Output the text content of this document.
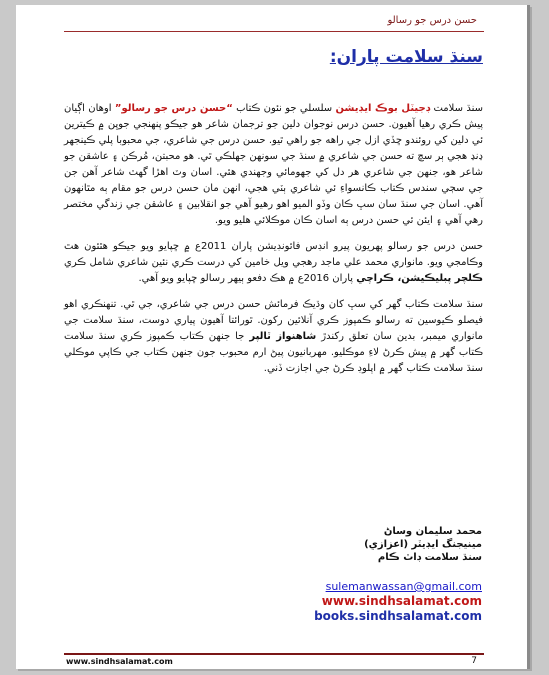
حسن درس جو رسالو
سنڌ سلامت پاران:

سنڌ سلامت ڊجيٽل بوڪ ايڊيشن سلسلي جو نئون ڪتاب “حسن درس جو رسالو” اوهان اڳيان پيش ڪري رهيا آهيون. حسن درس نوجوان دلين جو ترجمان شاعر هو جيڪو پنهنجي جوڀن ۾ ڪيترين ئي دلين کي روئندو ڇڏي ازل جي راهه جو راهي ٿيو. حسن درس جي شاعري، جي محبوبا پلي ڪينجهر ڍنڍ هجي ٻر سچ ته حسن جي شاعري ۾ سنڌ جي سونهن جهلڪي ٿي. هو محبتن، مُرڪن ۽ عاشقن جو شاعر هو، جنهن جي شاعري هر دل کي جهومائي وجهندي هئي. اسان وٽ اهڙا گهٽ شاعر آهن جن جي سڄي سندس ڪتاب ڪانسواءِ ئي شاعري ٻٽي هجي، انهن مان حسن درس جو مقام ٻه مٿانهون آهي. اسان جي سنڌ سان سڀ ڪان وڏو الميو اهو رهيو آهي جو انقلابين ۽ عاشقن جي زندگي مختصر رهي آهي ۽ ايئن ئي حسن درس ٻه اسان ڪان موڪلائي هليو ويو.

حسن درس جو رسالو پهريون پيرو انڊس فائونڊيشن پاران 2011ع ۾ ڇپايو ويو جيڪو هٿئون هٿ وڪامجي ويو. مانواري محمد علي ماجد رهجي ويل خامين کي درست ڪري نئين شاعري شامل ڪري ڪلچر پبليڪيشن، ڪراچي پاران 2016ع ۾ هڪ دفعو ٻيهر رسالو ڇپايو ويو آهي.

سنڌ سلامت ڪتاب گهر کي سڀ کان وڌيڪ فرمائش حسن درس جي شاعري، جي ٿي. تنهنڪري اهو فيصلو ڪيوسين ته رسالو ڪمپوز ڪري آنلائين رکون. ٿورائتا آهيون پياري دوست، سنڌ سلامت جي مانواري ميمبر، بدين سان تعلق رکندڙ شاهنواز ٽالپر جا جنهن ڪتاب ڪمپوز ڪري سنڌ سلامت ڪتاب گهر ۾ پيش ڪرڻ لاءِ موڪليو. مهربانيون پيڻ ارم محبوب جون جنهن ڪتاب جي ڪاپي موڪلي سنڌ سلامت ڪتاب گهر ۾ اپلوڊ ڪرڻ جي اجازت ڏني.

محمد سليمان وساڻ
مينيجنگ ايڊيٽر (اعزازي)
سنڌ سلامت ڊاٽ ڪام
sulemanwassan@gmail.com
www.sindhsalamat.com
books.sindhsalamat.com
www.sindhsalamat.com	7
